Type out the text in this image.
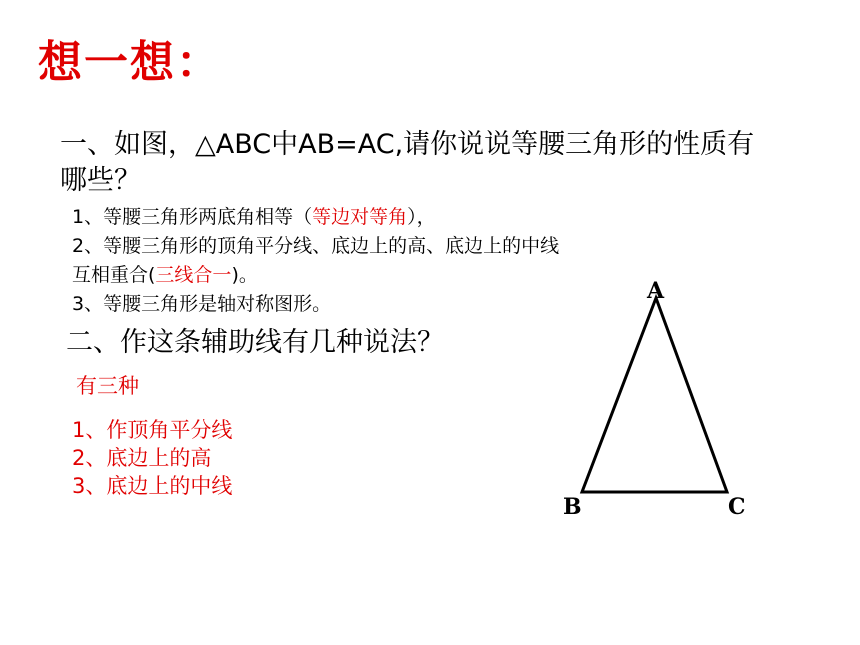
想一想：
一、如图，△ABC中AB=AC,请你说说等腰三角形的性质有
哪些？
1、等腰三角形两底角相等（等边对等角），
2、等腰三角形的顶角平分线、底边上的高、底边上的中线
互相重合(三线合一)。
3、等腰三角形是轴对称图形。
二、作这条辅助线有几种说法？
有三种
1、作顶角平分线
2、底边上的高
3、底边上的中线
A
B	C
